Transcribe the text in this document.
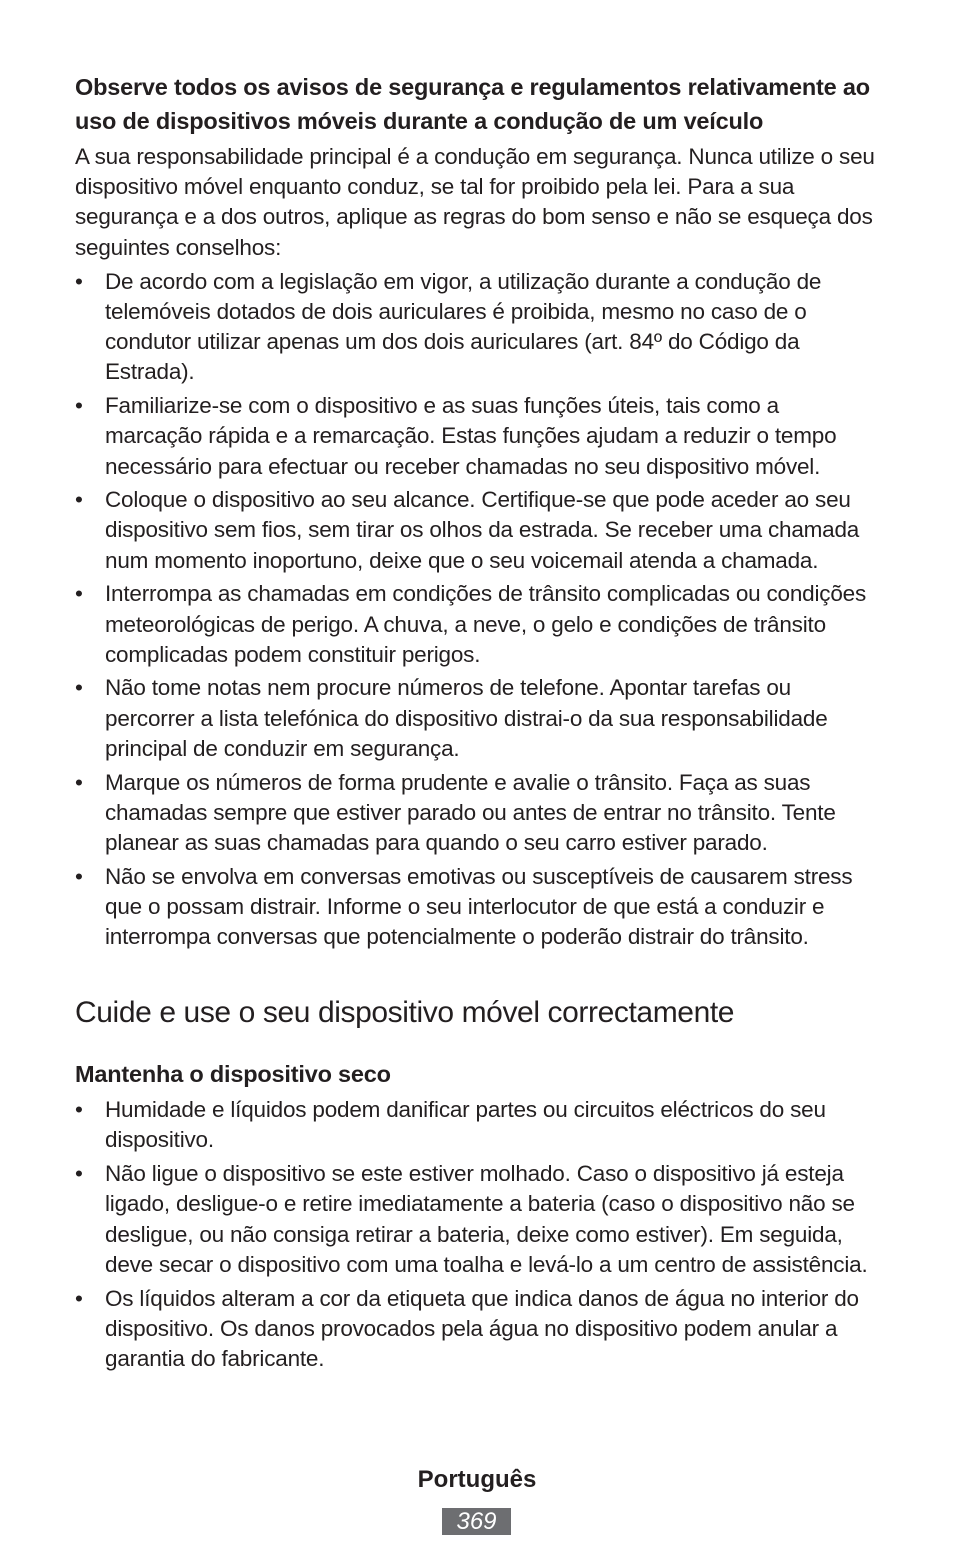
Observe todos os avisos de segurança e regulamentos relativamente ao uso de dispositivos móveis durante a condução de um veículo

A sua responsabilidade principal é a condução em segurança. Nunca utilize o seu dispositivo móvel enquanto conduz, se tal for proibido pela lei. Para a sua segurança e a dos outros, aplique as regras do bom senso e não se esqueça dos seguintes conselhos:

• De acordo com a legislação em vigor, a utilização durante a condução de telemóveis dotados de dois auriculares é proibida, mesmo no caso de o condutor utilizar apenas um dos dois auriculares (art. 84º do Código da Estrada).
• Familiarize-se com o dispositivo e as suas funções úteis, tais como a marcação rápida e a remarcação. Estas funções ajudam a reduzir o tempo necessário para efectuar ou receber chamadas no seu dispositivo móvel.
• Coloque o dispositivo ao seu alcance. Certifique-se que pode aceder ao seu dispositivo sem fios, sem tirar os olhos da estrada. Se receber uma chamada num momento inoportuno, deixe que o seu voicemail atenda a chamada.
• Interrompa as chamadas em condições de trânsito complicadas ou condições meteorológicas de perigo. A chuva, a neve, o gelo e condições de trânsito complicadas podem constituir perigos.
• Não tome notas nem procure números de telefone. Apontar tarefas ou percorrer a lista telefónica do dispositivo distrai-o da sua responsabilidade principal de conduzir em segurança.
• Marque os números de forma prudente e avalie o trânsito. Faça as suas chamadas sempre que estiver parado ou antes de entrar no trânsito. Tente planear as suas chamadas para quando o seu carro estiver parado.
• Não se envolva em conversas emotivas ou susceptíveis de causarem stress que o possam distrair. Informe o seu interlocutor de que está a conduzir e interrompa conversas que potencialmente o poderão distrair do trânsito.
Cuide e use o seu dispositivo móvel correctamente
Mantenha o dispositivo seco
• Humidade e líquidos podem danificar partes ou circuitos eléctricos do seu dispositivo.
• Não ligue o dispositivo se este estiver molhado. Caso o dispositivo já esteja ligado, desligue-o e retire imediatamente a bateria (caso o dispositivo não se desligue, ou não consiga retirar a bateria, deixe como estiver). Em seguida, deve secar o dispositivo com uma toalha e levá-lo a um centro de assistência.
• Os líquidos alteram a cor da etiqueta que indica danos de água no interior do dispositivo. Os danos provocados pela água no dispositivo podem anular a garantia do fabricante.
Português
369
